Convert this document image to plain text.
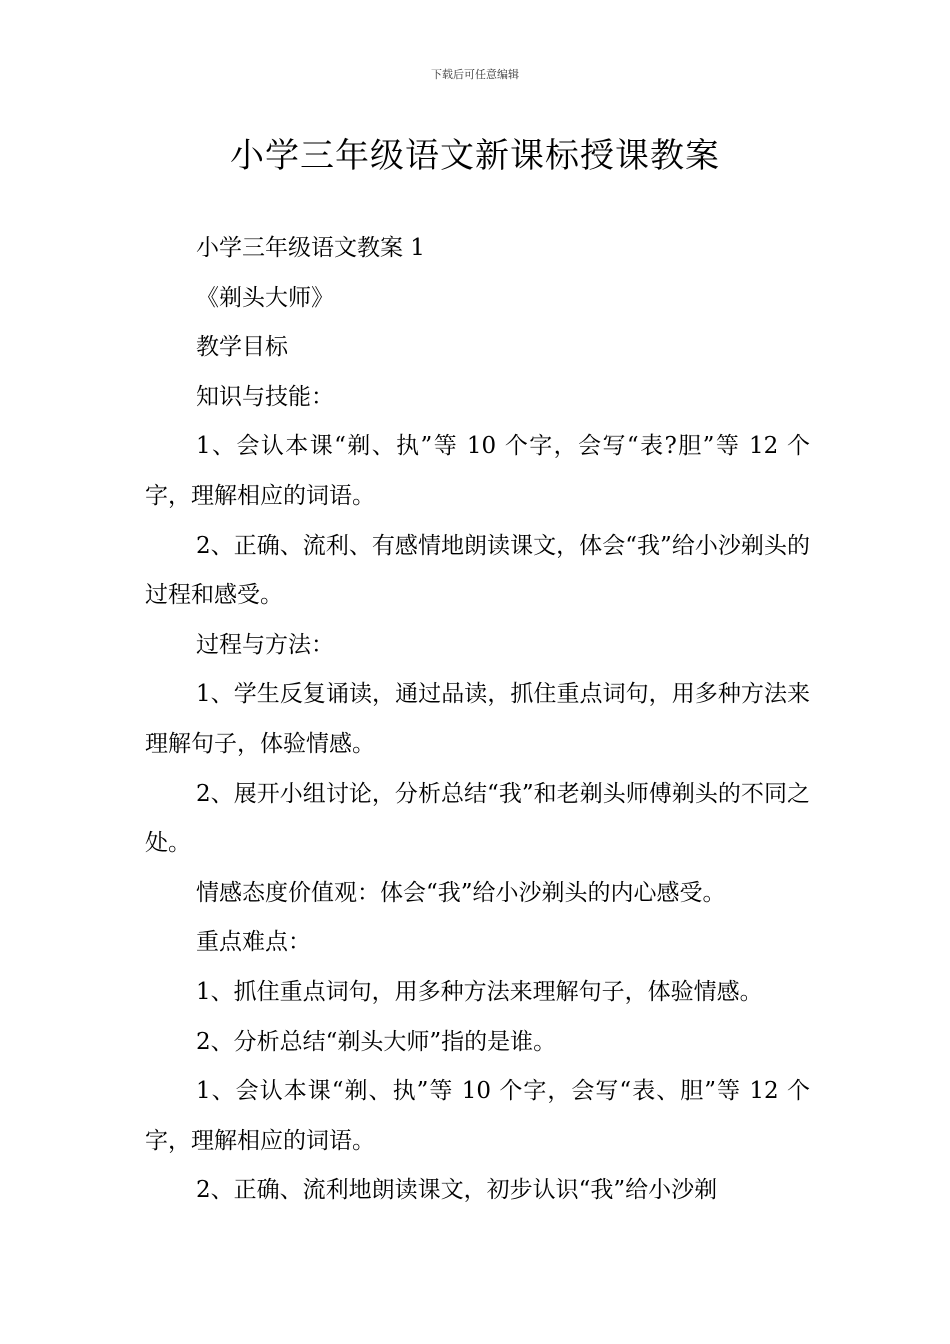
下载后可任意编辑
小学三年级语文新课标授课教案

小学三年级语文教案 1

《剃头大师》

教学目标

知识与技能：

1、会认本课“剃、执”等 10 个字，会写“表?胆”等 12 个字，理解相应的词语。

2、正确、流利、有感情地朗读课文，体会“我”给小沙剃头的过程和感受。

过程与方法：

1、学生反复诵读，通过品读，抓住重点词句，用多种方法来理解句子，体验情感。

2、展开小组讨论，分析总结“我”和老剃头师傅剃头的不同之处。

情感态度价值观：体会“我”给小沙剃头的内心感受。

重点难点：

1、抓住重点词句，用多种方法来理解句子，体验情感。

2、分析总结“剃头大师”指的是谁。

1、会认本课“剃、执”等 10 个字，会写“表、胆”等 12 个字，理解相应的词语。

2、正确、流利地朗读课文，初步认识“我”给小沙剃
